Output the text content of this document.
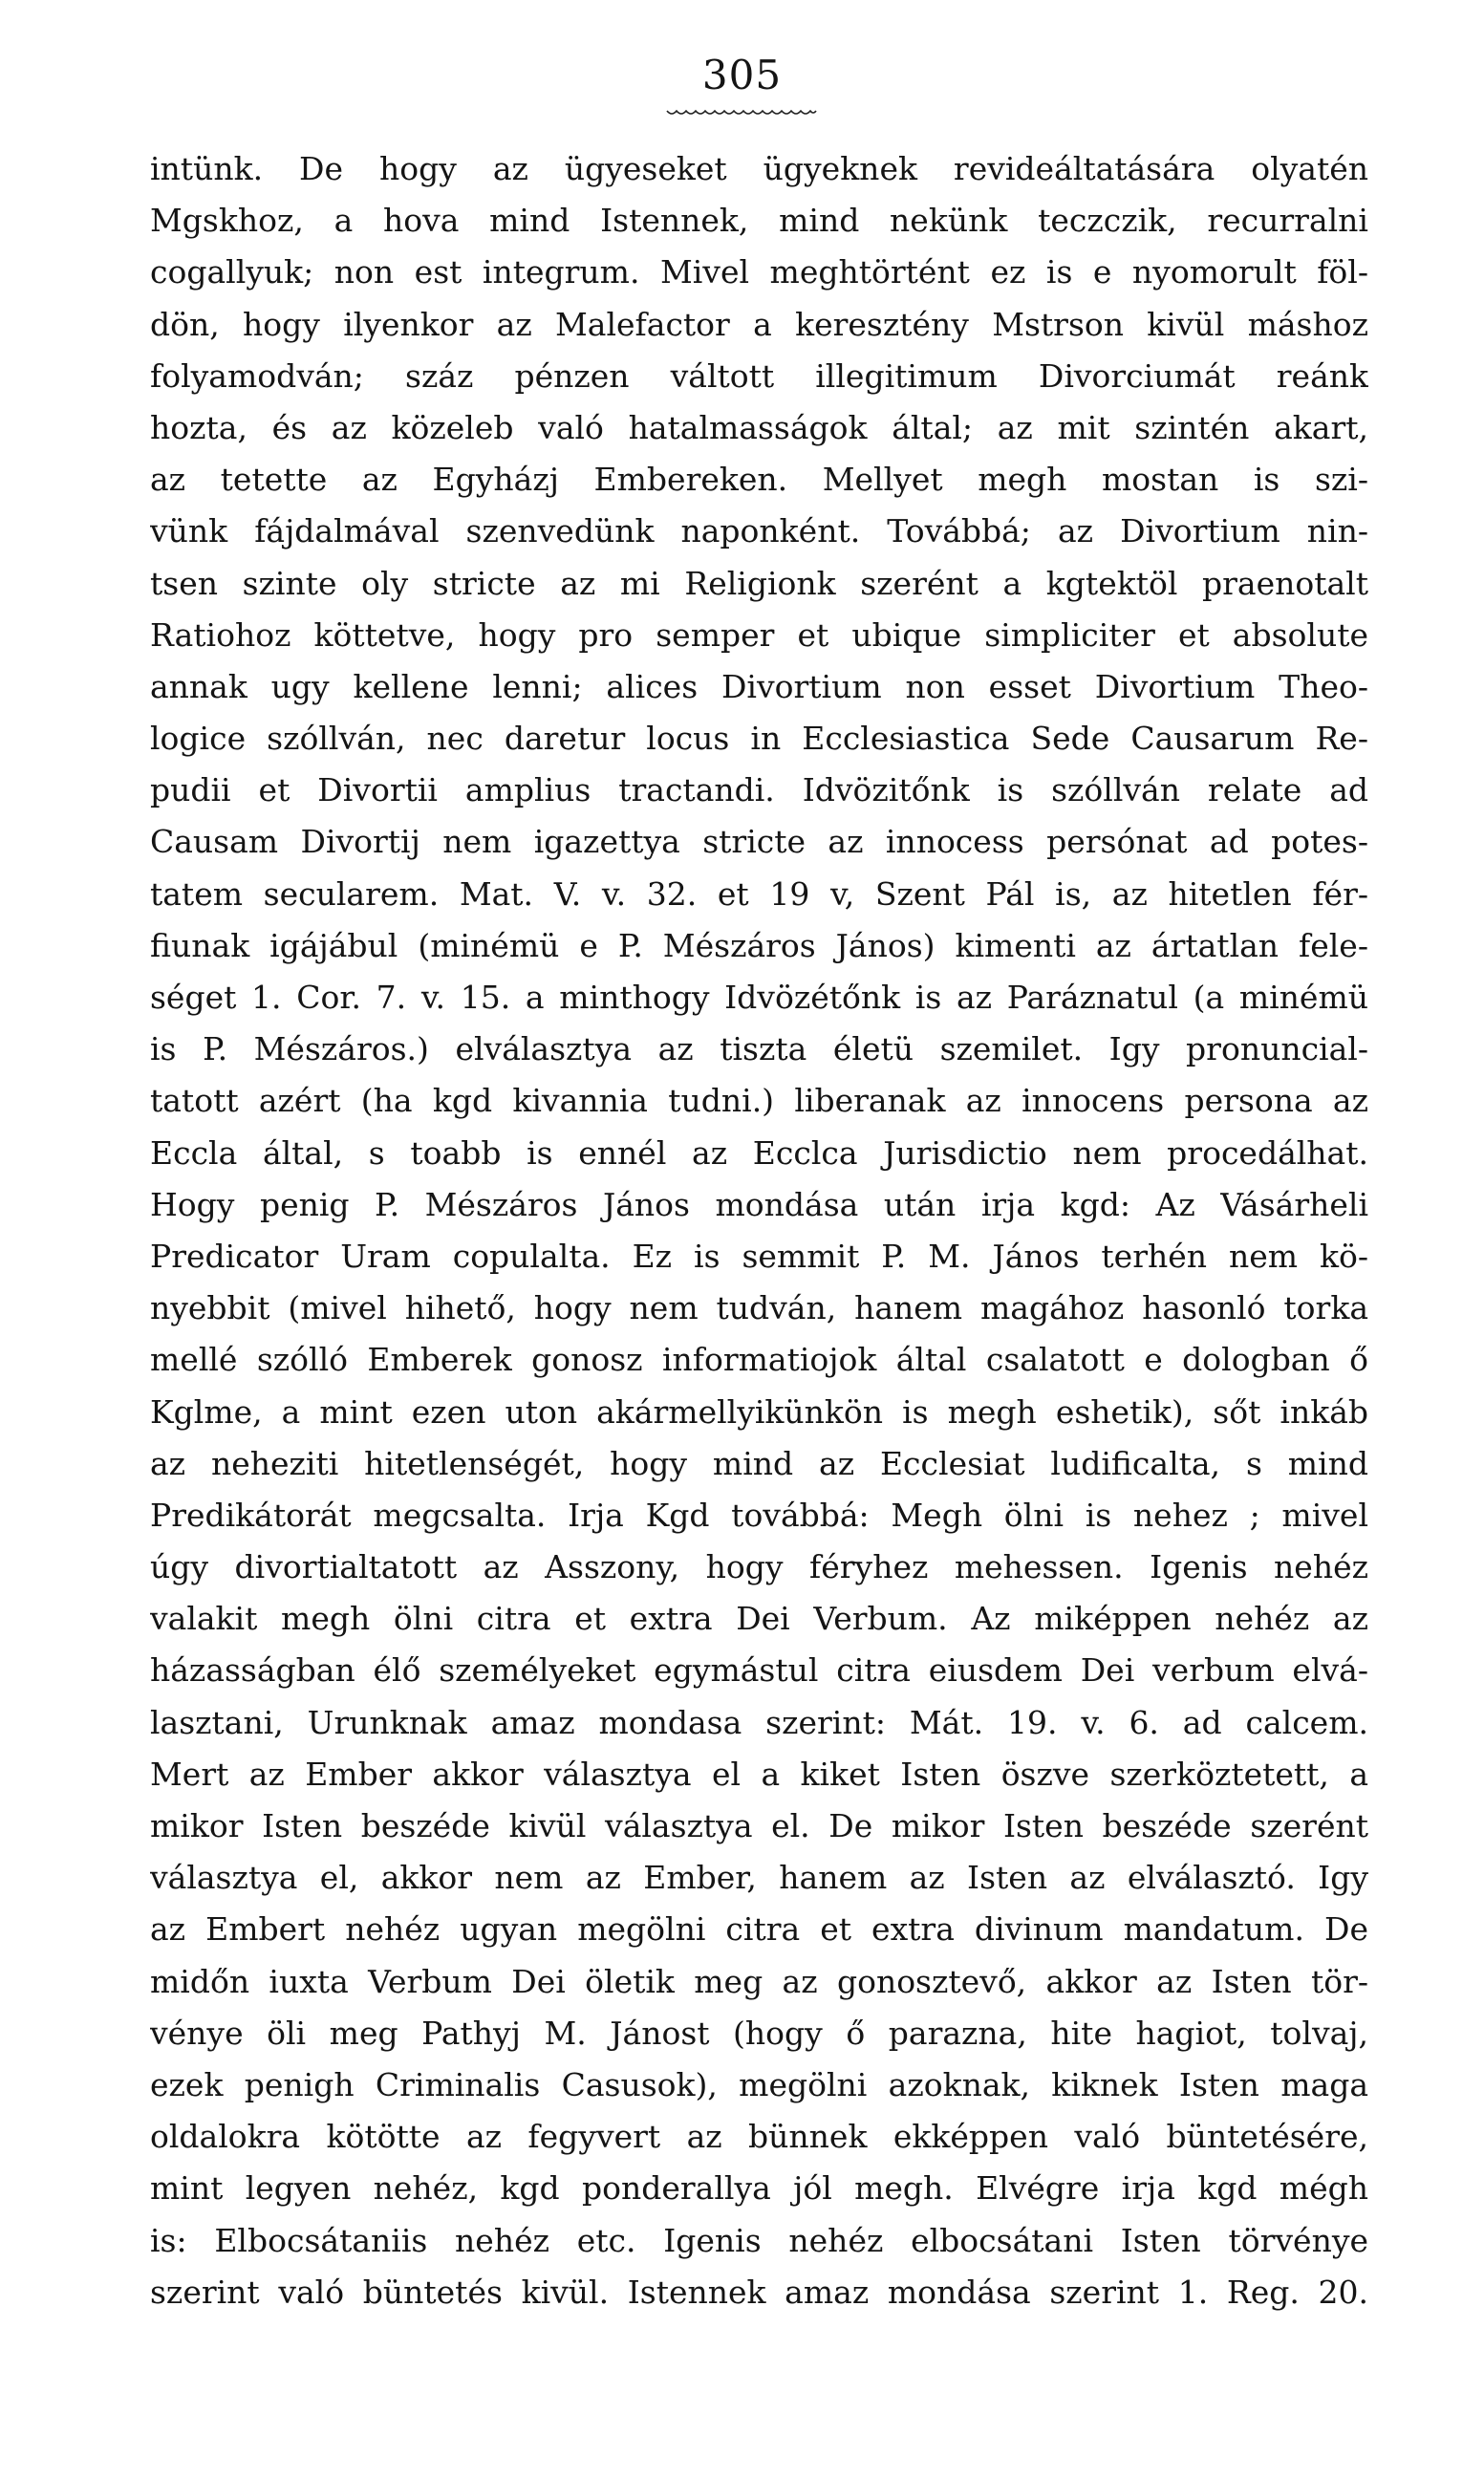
305
intünk. De hogy az ügyeseket ügyeknek revideáltatására olyatén
Mgskhoz, a hova mind Istennek, mind nekünk teczczik, recurralni
cogallyuk; non est integrum. Mivel meghtörtént ez is e nyomorult föl-
dön, hogy ilyenkor az Malefactor a keresztény Mstrson kivül máshoz
folyamodván; száz pénzen váltott illegitimum Divorciumát reánk
hozta, és az közeleb való hatalmasságok által; az mit szintén akart,
az tetette az Egyházj Embereken. Mellyet megh mostan is szi-
vünk fájdalmával szenvedünk naponként. Továbbá; az Divortium nin-
tsen szinte oly stricte az mi Religionk szerént a kgtektöl praenotalt
Ratiohoz köttetve, hogy pro semper et ubique simpliciter et absolute
annak ugy kellene lenni; alices Divortium non esset Divortium Theo-
logice szóllván, nec daretur locus in Ecclesiastica Sede Causarum Re-
pudii et Divortii amplius tractandi. Idvözitőnk is szóllván relate ad
Causam Divortij nem igazettya stricte az innocess persónat ad potes-
tatem secularem. Mat. V. v. 32. et 19 v, Szent Pál is, az hitetlen fér-
fiunak igájábul (minémü e P. Mészáros János) kimenti az ártatlan fele-
séget 1. Cor. 7. v. 15. a minthogy Idvözétőnk is az Paráznatul (a minémü
is P. Mészáros.) elválasztya az tiszta életü szemilet. Igy pronuncial-
tatott azért (ha kgd kivannia tudni.) liberanak az innocens persona az
Eccla által, s toabb is ennél az Ecclca Jurisdictio nem procedálhat.
Hogy penig P. Mészáros János mondása után irja kgd: Az Vásárheli
Predicator Uram copulalta. Ez is semmit P. M. János terhén nem kö-
nyebbit (mivel hihető, hogy nem tudván, hanem magához hasonló torka
mellé szólló Emberek gonosz informatiojok által csalatott e dologban ő
Kglme, a mint ezen uton akármellyikünkön is megh eshetik), sőt inkáb
az neheziti hitetlenségét, hogy mind az Ecclesiat ludificalta, s mind
Predikátorát megcsalta. Irja Kgd továbbá: Megh ölni is nehez ; mivel
úgy divortialtatott az Asszony, hogy féryhez mehessen. Igenis nehéz
valakit megh ölni citra et extra Dei Verbum. Az miképpen nehéz az
házasságban élő személyeket egymástul citra eiusdem Dei verbum elvá-
lasztani, Urunknak amaz mondasa szerint: Mát. 19. v. 6. ad calcem.
Mert az Ember akkor választya el a kiket Isten öszve szerköztetett, a
mikor Isten beszéde kivül választya el. De mikor Isten beszéde szerént
választya el, akkor nem az Ember, hanem az Isten az elválasztó. Igy
az Embert nehéz ugyan megölni citra et extra divinum mandatum. De
midőn iuxta Verbum Dei öletik meg az gonosztevő, akkor az Isten tör-
vénye öli meg Pathyj M. Jánost (hogy ő parazna, hite hagiot, tolvaj,
ezek penigh Criminalis Casusok), megölni azoknak, kiknek Isten maga
oldalokra kötötte az fegyvert az bünnek ekképpen való büntetésére,
mint legyen nehéz, kgd ponderallya jól megh. Elvégre irja kgd mégh
is: Elbocsátaniis nehéz etc. Igenis nehéz elbocsátani Isten törvénye
szerint való büntetés kivül. Istennek amaz mondása szerint 1. Reg. 20.
